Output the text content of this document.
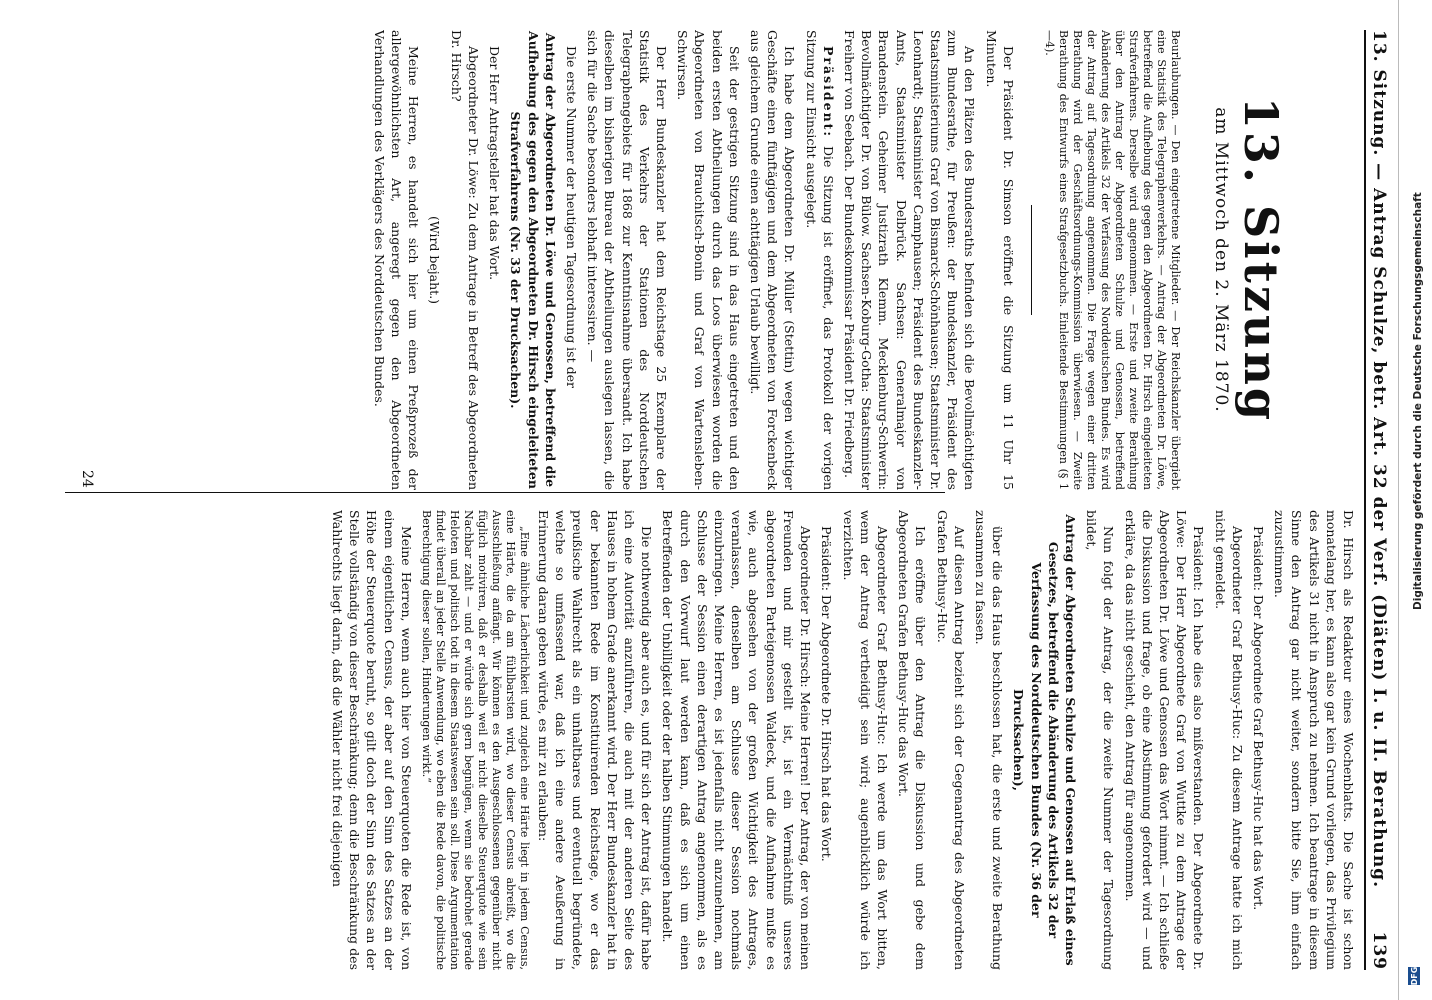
13. Sitzung. — Antrag Schulze, betr. Art. 32 der Verf. (Diäten) I. u. II. Berathung.
139
13. Sitzung
am Mittwoch den 2. März 1870.

Beurlaubungen. — Den eingetretene Mitglieder. — Der Reichskanzler übergiebt eine Statistik des Telegraphenverkehrs. — Antrag der Abgeordneten Dr. Löwe, betreffend die Aufhebung des gegen den Abgeordneten Dr. Hirsch eingeleiteten Strafverfahrens. Derselbe wird angenommen. — Erste und zweite Berathung über den Antrag der Abgeordneten Schulze und Genossen, betreffend Abänderung des Artikels 32 der Verfassung des Norddeutschen Bundes. Es wird der Antrag auf Tagesordnung angenommen. Die Frage wegen einer dritten Berathung wird der Geschäftsordnungs-Kommission überwiesen. — Zweite Berathung des Entwurfs eines Strafgesetzbuchs. Einleitende Bestimmungen (§ 1—4).

Der Präsident Dr. Simson eröffnet die Sitzung um 11 Uhr 15 Minuten.

An den Plätzen des Bundesraths befinden sich die Bevollmächtigten zum Bundesrathe, für Preußen: der Bundeskanzler, Präsident des Staatsministeriums Graf von Bismarck-Schönhausen; Staatsminister Dr. Leonhardt; Staatsminister Camphausen; Präsident des Bundeskanzler-Amts, Staatsminister Delbrück. Sachsen: Generalmajor von Brandenstein. Geheimer Justizrath Klemm. Mecklenburg-Schwerin: Bevollmächtigter Dr. von Bülow. Sachsen-Koburg-Gotha: Staatsminister Freiherr von Seebach. Der Bundeskommissar Präsident Dr. Friedberg.

Präsident: Die Sitzung ist eröffnet, das Protokoll der vorigen Sitzung zur Einsicht ausgelegt.

Ich habe dem Abgeordneten Dr. Müller (Stettin) wegen wichtiger Geschäfte einen fünftägigen und dem Abgeordneten von Forckenbeck aus gleichem Grunde einen achttägigen Urlaub bewilligt.

Seit der gestrigen Sitzung sind in das Haus eingetreten und den beiden ersten Abtheilungen durch das Loos überwiesen worden die Abgeordneten von Brauchitsch-Bonin und Graf von Wartensleben-Schwirsen.

Der Herr Bundeskanzler hat dem Reichstage 25 Exemplare der Statistik des Verkehrs der Stationen des Norddeutschen Telegraphengebiets für 1868 zur Kenntnisnahme übersandt. Ich habe dieselben im bisherigen Bureau der Abtheilungen auslegen lassen, die sich für die Sache besonders lebhaft interessiren. —

Die erste Nummer der heutigen Tagesordnung ist der

Antrag der Abgeordneten Dr. Löwe und Genossen, betreffend die Aufhebung des gegen den Abgeordneten Dr. Hirsch eingeleiteten Strafverfahrens (Nr. 33 der Drucksachen).

Der Herr Antragsteller hat das Wort.

Abgeordneter Dr. Löwe: Zu dem Antrage in Betreff des Abgeordneten Dr. Hirsch?

(Wird bejaht.)

Meine Herren, es handelt sich hier um einen Preßprozeß der allergewöhnlichsten Art, angeregt gegen den Abgeordneten Verhandlungen des Verklägers des Norddeutschen Bundes.

Dr. Hirsch als Redakteur eines Wochenblatts. Die Sache ist schon monatelang her, es kann also gar kein Grund vorliegen, das Privilegium des Artikels 31 nicht in Anspruch zu nehmen. Ich beantrage in diesem Sinne den Antrag gar nicht weiter, sondern bitte Sie, ihm einfach zuzustimmen.

Präsident: Der Abgeordnete Graf Bethusy-Huc hat das Wort.

Abgeordneter Graf Bethusy-Huc: Zu diesem Antrage hatte ich mich nicht gemeldet.

Präsident: Ich habe dies also mißverstanden. Der Abgeordnete Dr. Löwe: Der Herr Abgeordnete Graf von Wuttke zu dem Antrage der Abgeordneten Dr. Löwe und Genossen das Wort nimmt. — Ich schließe die Diskussion und frage, ob eine Abstimmung gefordert wird — und erkläre, da das nicht geschieht, den Antrag für angenommen.

Nun folgt der Antrag, der die zweite Nummer der Tagesordnung bildet,

Antrag der Abgeordneten Schulze und Genossen auf Erlaß eines Gesetzes, betreffend die Abänderung des Artikels 32 der Verfassung des Norddeutschen Bundes (Nr. 36 der Drucksachen),

über die das Haus beschlossen hat, die erste und zweite Berathung zusammen zu fassen.

Auf diesen Antrag bezieht sich der Gegenantrag des Abgeordneten Grafen Bethusy-Huc.

Ich eröffne über den Antrag die Diskussion und gebe dem Abgeordneten Grafen Bethusy-Huc das Wort.

Abgeordneter Graf Bethusy-Huc: Ich werde um das Wort bitten, wenn der Antrag vertheidigt sein wird; augenblicklich würde ich verzichten.

Präsident: Der Abgeordnete Dr. Hirsch hat das Wort.

Abgeordneter Dr. Hirsch: Meine Herren! Der Antrag, der von meinen Freunden und mir gestellt ist, ist ein Vermächtniß unseres abgeordneten Parteigenossen Waldeck, und die Aufnahme mußte es wie, auch abgesehen von der großen Wichtigkeit des Antrages, veranlassen, denselben am Schlusse dieser Session nochmals einzubringen. Meine Herren, es ist jedenfalls nicht anzunehmen, am Schlusse der Session einen derartigen Antrag angenommen, als es durch den Vorwurf laut werden kann, daß es sich um einen Betreffenden der Unbilligkeit oder der halben Stimmungen handelt.

Die nothwendig aber auch es, und für sich der Antrag ist, dafür habe ich eine Autorität anzuführen, die auch mit der anderen Seite des Hauses in hohem Grade anerkannt wird. Der Herr Bundeskanzler hat in der bekannten Rede im Konstituirenden Reichstage, wo er das preußische Wahlrecht als ein unhaltbares und eventuell begründete, welche so umfassend war, daß ich eine andere Aeußerung in Erinnerung daran geben würde, es mir zu erlauben:

„Eine ähnliche Lächerlichkeit und zugleich eine Härte liegt in jedem Census, eine Härte, die da am fühlbarsten wird, wo dieser Census abreißt, wo die Ausschließung anfängt. Wir können es den Ausgeschlossenen gegenüber nicht füglich motiviren, daß er deshalb weil er nicht dieselbe Steuerquote wie sein Nachbar zahlt — und er würde sich gern begnügen, wenn sie bedrohet gerade Heloten und politisch todt in diesem Staatswesen sein soll. Diese Argumentation findet überall an jeder Stelle Anwendung, wo eben die Rede davon, die politische Berechtigung dieser sollen, Hinderungen wirkt.“

Meine Herren, wenn auch hier von Steuerquoten die Rede ist, von einem eigentlichen Census, der aber auf den Sinn des Satzes an der Höhe der Steuerquote beruht, so gilt doch der Sinn des Satzes an der Stelle vollständig von dieser Beschränkung; denn die Beschränkung des Wahlrechts liegt darin, daß die Wähler nicht frei diejenigen

24	Digitalisierung gefördert durch die Deutsche Forschungsgemeinschaft
DFG
